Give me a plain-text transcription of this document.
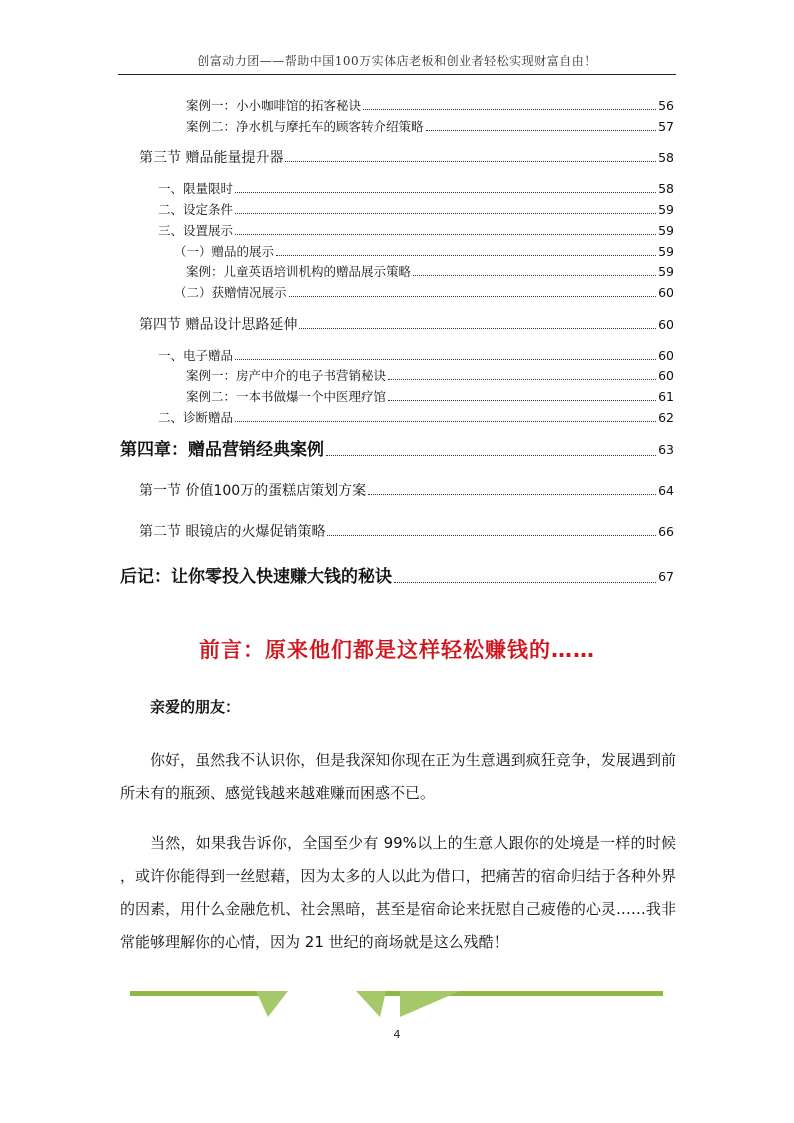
创富动力团——帮助中国100万实体店老板和创业者轻松实现财富自由！
案例一：小小咖啡馆的拓客秘诀	56
案例二：净水机与摩托车的顾客转介绍策略	57
第三节 赠品能量提升器	58
一、限量限时	58
二、设定条件	59
三、设置展示	59
（一）赠品的展示	59
案例：儿童英语培训机构的赠品展示策略	59
（二）获赠情况展示	60
第四节 赠品设计思路延伸	60
一、电子赠品	60
案例一：房产中介的电子书营销秘诀	60
案例二：一本书做爆一个中医理疗馆	61
二、诊断赠品	62
第四章：赠品营销经典案例	63
第一节 价值100万的蛋糕店策划方案	64
第二节 眼镜店的火爆促销策略	66
后记：让你零投入快速赚大钱的秘诀	67
前言：原来他们都是这样轻松赚钱的……
亲爱的朋友：

你好，虽然我不认识你，但是我深知你现在正为生意遇到疯狂竞争，发展遇到前所未有的瓶颈、感觉钱越来越难赚而困惑不已。

当然，如果我告诉你，全国至少有 99%以上的生意人跟你的处境是一样的时候 ，或许你能得到一丝慰藉，因为太多的人以此为借口，把痛苦的宿命归结于各种外界的因素，用什么金融危机、社会黑暗，甚至是宿命论来抚慰自己疲倦的心灵……我非常能够理解你的心情，因为 21 世纪的商场就是这么残酷！

4
